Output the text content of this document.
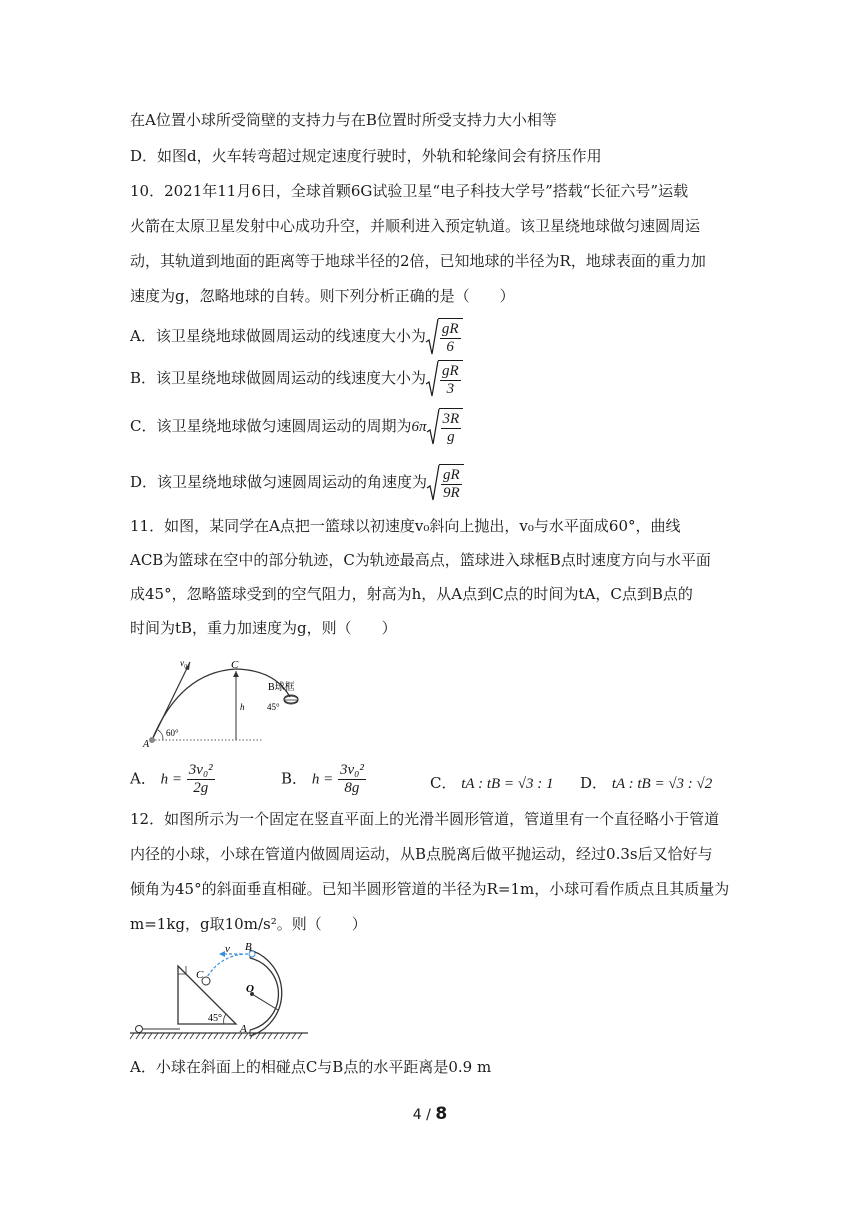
在A位置小球所受筒壁的支持力与在B位置时所受支持力大小相等
D．如图d，火车转弯超过规定速度行驶时，外轨和轮缘间会有挤压作用
10．2021年11月6日，全球首颗6G试验卫星“电子科技大学号”搭载“长征六号”运载
火箭在太原卫星发射中心成功升空，并顺利进入预定轨道。该卫星绕地球做匀速圆周运
动，其轨道到地面的距离等于地球半径的2倍，已知地球的半径为R，地球表面的重力加
速度为g，忽略地球的自转。则下列分析正确的是（　　）
A．该卫星绕地球做圆周运动的线速度大小为 $\frac{gR}{6}$
B．该卫星绕地球做圆周运动的线速度大小为 $\frac{gR}{3}$
C．该卫星绕地球做匀速圆周运动的周期为$6\pi \frac{3R}{g}$
D．该卫星绕地球做匀速圆周运动的角速度为 $\frac{gR}{9R}$
11．如图，某同学在A点把一篮球以初速度v₀斜向上抛出，v₀与水平面成60°，曲线
ACB为篮球在空中的部分轨迹，C为轨迹最高点，篮球进入球框B点时速度方向与水平面
成45°，忽略篮球受到的空气阻力，射高为h，从A点到C点的时间为tA，C点到B点的
时间为tB，重力加速度为g，则（　　）
v₀	C
B球框
h	45°
60°
A
A． $h = \frac{\text{3v₀²}}{2g}$	B． $h = \frac{\text{3v₀²}}{8g}$	C． tA : tB = √3 : 1 D． tA : tB = √3 : √2
12．如图所示为一个固定在竖直平面上的光滑半圆形管道，管道里有一个直径略小于管道
内径的小球，小球在管道内做圆周运动，从B点脱离后做平抛运动，经过0.3s后又恰好与
倾角为45°的斜面垂直相碰。已知半圆形管道的半径为R=1m，小球可看作质点且其质量为
m=1kg，g取10m/s²。则（　　）
v B
C
O
45°
A
A．小球在斜面上的相碰点C与B点的水平距离是0.9 m
4 / 8
